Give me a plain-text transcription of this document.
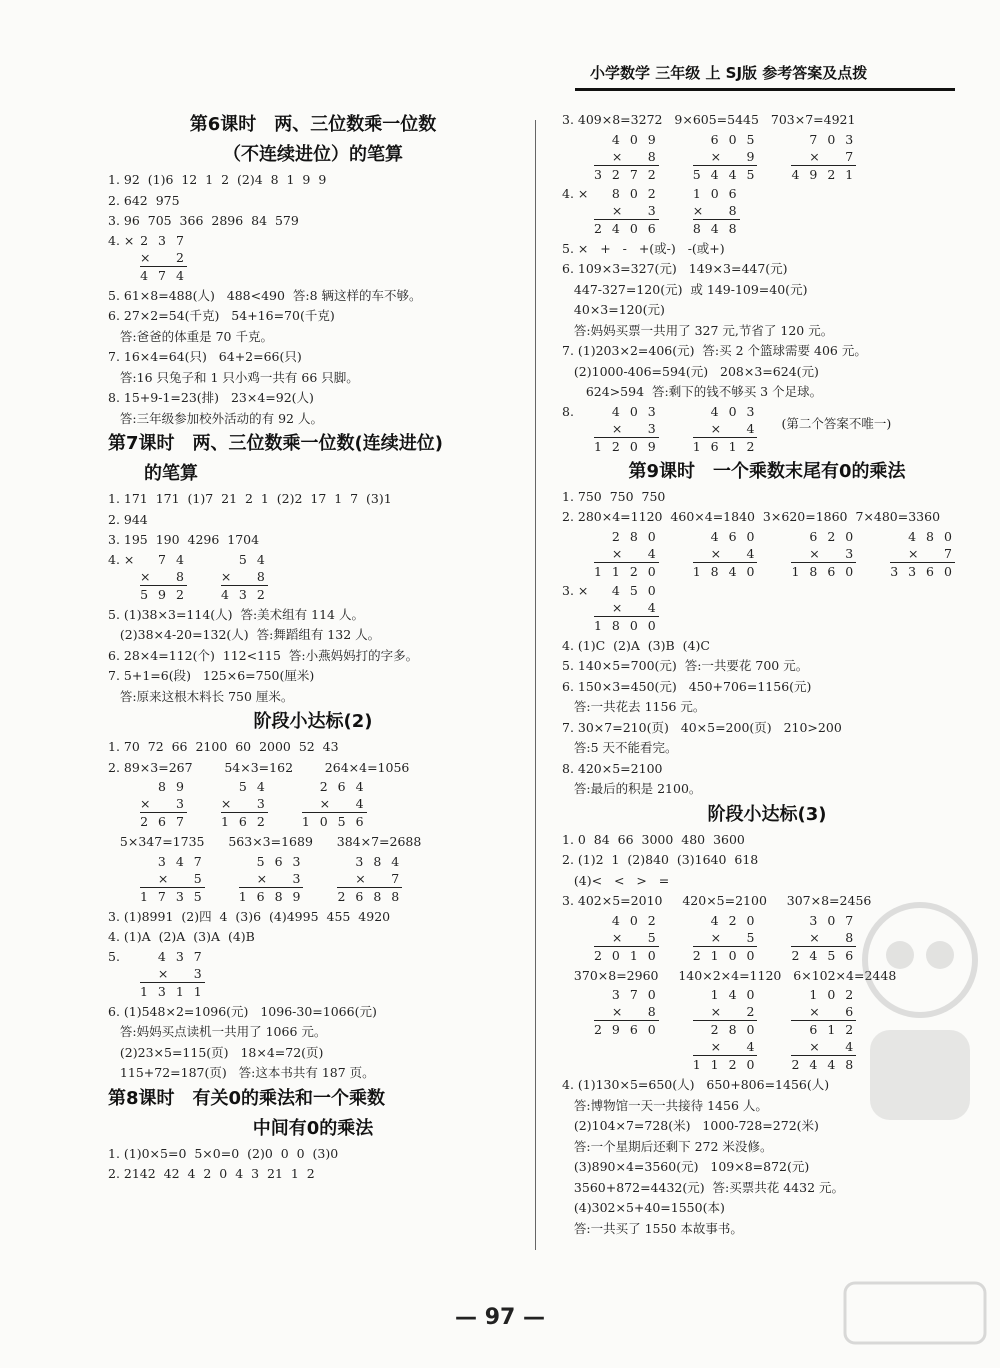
小学数学 三年级 上 SJ版 参考答案及点拨
第6课时　两、三位数乘一位数
（不连续进位）的笔算
1. 92  (1)6  12  1  2  (2)4  8  1  9  9
2. 642  975
3. 96  705  366  2896  84  579
4. × 2 3 7
× 　2
4 7 4
5. 61×8=488(人)   488<490  答:8 辆这样的车不够。
6. 27×2=54(千克)   54+16=70(千克)
答:爸爸的体重是 70 千克。
7. 16×4=64(只)   64+2=66(只)
答:16 只兔子和 1 只小鸡一共有 66 只脚。
8. 15+9-1=23(排)   23×4=92(人)
答:三年级参加校外活动的有 92 人。
第7课时　两、三位数乘一位数(连续进位)
　　的笔算
1. 171  171  (1)7  21  2  1  (2)2  17  1  7  (3)1
2. 944
3. 195  190  4296  1704
4. ×	7 4
× 　8
5 9 2
5 4
× 　8
4 3 2
5. (1)38×3=114(人)  答:美术组有 114 人。
(2)38×4-20=132(人)  答:舞蹈组有 132 人。
6. 28×4=112(个)  112<115  答:小燕妈妈打的字多。
7. 5+1=6(段)   125×6=750(厘米)
答:原来这根木料长 750 厘米。
阶段小达标(2)
1. 70  72  66  2100  60  2000  52  43
2. 89×3=267        54×3=162        264×4=1056
8 9
× 　3
2 6 7
5 4
× 　3
1 6 2
2 6 4
× 　4
1 0 5 6
5×347=1735      563×3=1689      384×7=2688
3 4 7
× 　5
1 7 3 5
5 6 3
× 　3
1 6 8 9
3 8 4
× 　7
2 6 8 8
3. (1)8991  (2)四  4  (3)6  (4)4995  455  4920
4. (1)A  (2)A  (3)A  (4)B
5.	4 3 7
× 　3
1 3 1 1
6. (1)548×2=1096(元)   1096-30=1066(元)
答:妈妈买点读机一共用了 1066 元。
(2)23×5=115(页)   18×4=72(页)
115+72=187(页)   答:这本书共有 187 页。
第8课时　有关0的乘法和一个乘数
中间有0的乘法
1. (1)0×5=0  5×0=0  (2)0  0  0  (3)0
2. 2142  42  4  2  0  4  3  21  1  2
3. 409×8=3272   9×605=5445   703×7=4921
4 0 9
× 　8
3 2 7 2
6 0 5
× 　9
5 4 4 5
7 0 3
× 　7
4 9 2 1
4. ×	8 0 2
× 　3
2 4 0 6
1 0 6
× 　8
8 4 8
5. ×   +   -   +(或-)   -(或+)
6. 109×3=327(元)   149×3=447(元)
447-327=120(元)  或 149-109=40(元)
40×3=120(元)
答:妈妈买票一共用了 327 元,节省了 120 元。
7. (1)203×2=406(元)  答:买 2 个篮球需要 406 元。
(2)1000-406=594(元)   208×3=624(元)
624>594  答:剩下的钱不够买 3 个足球。
8.	4 0 3
× 　3
1 2 0 9
4 0 3
× 　4
1 6 1 2
(第二个答案不唯一)
第9课时　一个乘数末尾有0的乘法
1. 750  750  750
2. 280×4=1120  460×4=1840  3×620=1860  7×480=3360
2 8 0
× 　4
1 1 2 0
4 6 0
× 　4
1 8 4 0
6 2 0
× 　3
1 8 6 0
4 8 0
× 　7
3 3 6 0
3. ×	4 5 0
× 　4
1 8 0 0
4. (1)C  (2)A  (3)B  (4)C
5. 140×5=700(元)  答:一共要花 700 元。
6. 150×3=450(元)   450+706=1156(元)
答:一共花去 1156 元。
7. 30×7=210(页)   40×5=200(页)   210>200
答:5 天不能看完。
8. 420×5=2100
答:最后的积是 2100。
阶段小达标(3)
1. 0  84  66  3000  480  3600
2. (1)2  1  (2)840  (3)1640  618
(4)<   <   >   =
3. 402×5=2010     420×5=2100     307×8=2456
4 0 2
× 　5
2 0 1 0
4 2 0
× 　5
2 1 0 0
3 0 7
× 　8
2 4 5 6
370×8=2960     140×2×4=1120   6×102×4=2448
3 7 0
× 　8
2 9 6 0
1 4 0
× 　2
2 8 0
× 　4
1 1 2 0
1 0 2
× 　6
6 1 2
× 　4
2 4 4 8
4. (1)130×5=650(人)   650+806=1456(人)
答:博物馆一天一共接待 1456 人。
(2)104×7=728(米)   1000-728=272(米)
答:一个星期后还剩下 272 米没修。
(3)890×4=3560(元)   109×8=872(元)
3560+872=4432(元)  答:买票共花 4432 元。
(4)302×5+40=1550(本)
答:一共买了 1550 本故事书。
— 97 —
